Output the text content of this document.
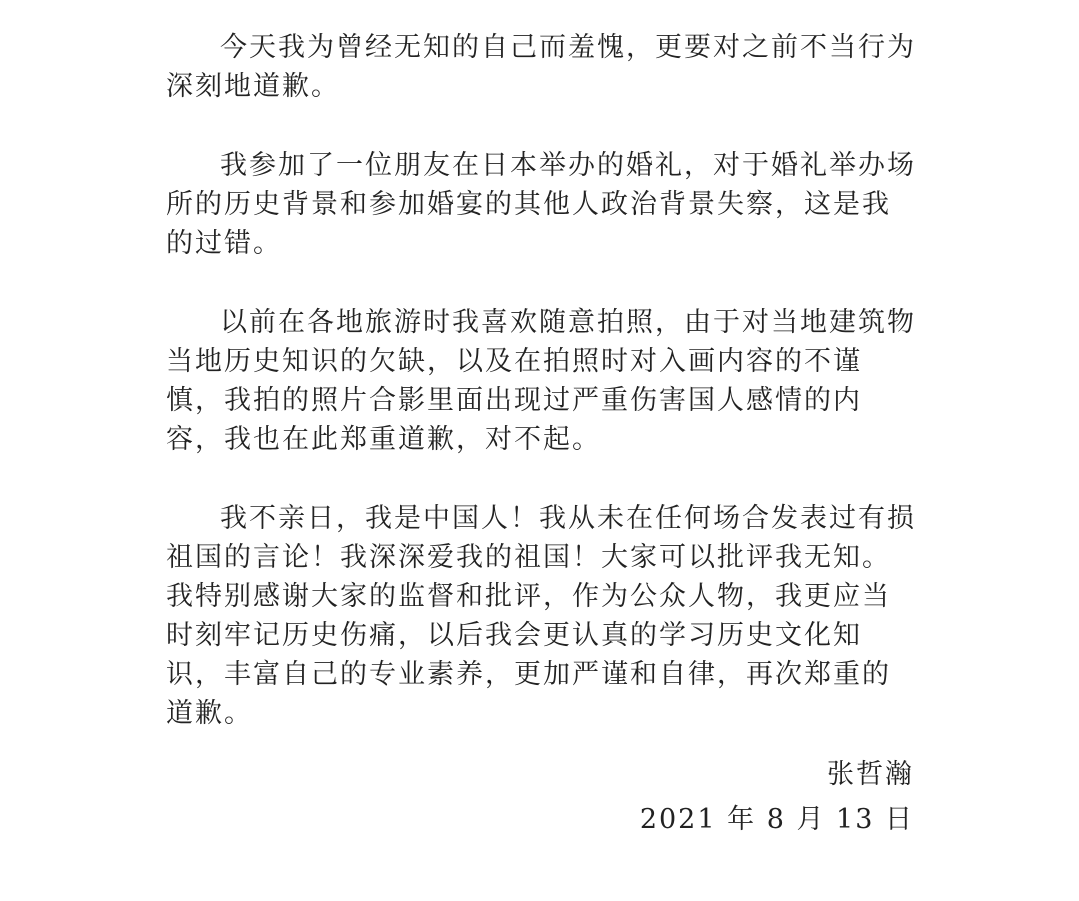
今天我为曾经无知的自己而羞愧，更要对之前不当行为深刻地道歉。

我参加了一位朋友在日本举办的婚礼，对于婚礼举办场所的历史背景和参加婚宴的其他人政治背景失察，这是我的过错。

以前在各地旅游时我喜欢随意拍照，由于对当地建筑物当地历史知识的欠缺，以及在拍照时对入画内容的不谨慎，我拍的照片合影里面出现过严重伤害国人感情的内容，我也在此郑重道歉，对不起。

我不亲日，我是中国人！我从未在任何场合发表过有损祖国的言论！我深深爱我的祖国！大家可以批评我无知。我特别感谢大家的监督和批评，作为公众人物，我更应当时刻牢记历史伤痛，以后我会更认真的学习历史文化知识，丰富自己的专业素养，更加严谨和自律，再次郑重的道歉。

张哲瀚
2021 年 8 月 13 日
